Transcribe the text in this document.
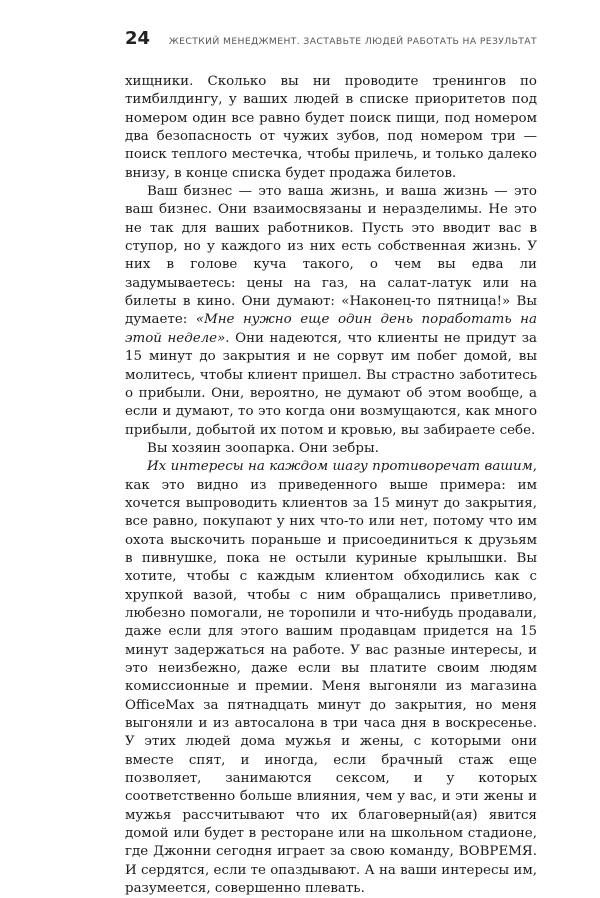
24 ЖЕСТКИЙ МЕНЕДЖМЕНТ. ЗАСТАВЬТЕ ЛЮДЕЙ РАБОТАТЬ НА РЕЗУЛЬТАТ

хищники. Сколько вы ни проводите тренингов по тимбилдингу, у ваших людей в списке приоритетов под номером один все равно будет поиск пищи, под номером два безопасность от чужих зубов, под номером три — поиск теплого местечка, чтобы прилечь, и только далеко внизу, в конце списка будет продажа билетов.

Ваш бизнес — это ваша жизнь, и ваша жизнь — это ваш бизнес. Они взаимосвязаны и неразделимы. Не это не так для ваших работников. Пусть это вводит вас в ступор, но у каждого из них есть собственная жизнь. У них в голове куча такого, о чем вы едва ли задумываетесь: цены на газ, на салат-латук или на билеты в кино. Они думают: «Наконец-то пятница!» Вы думаете: «Мне нужно еще один день поработать на этой неделе». Они надеются, что клиенты не придут за 15 минут до закрытия и не сорвут им побег домой, вы молитесь, чтобы клиент пришел. Вы страстно заботитесь о прибыли. Они, вероятно, не думают об этом вообще, а если и думают, то это когда они возмущаются, как много прибыли, добытой их потом и кровью, вы забираете себе.

Вы хозяин зоопарка. Они зебры.

Их интересы на каждом шагу противоречат вашим, как это видно из приведенного выше примера: им хочется выпроводить клиентов за 15 минут до закрытия, все равно, покупают у них что-то или нет, потому что им охота выскочить пораньше и присоединиться к друзьям в пивнушке, пока не остыли куриные крылышки. Вы хотите, чтобы с каждым клиентом обходились как с хрупкой вазой, чтобы с ним обращались приветливо, любезно помогали, не торопили и что-нибудь продавали, даже если для этого вашим продавцам придется на 15 минут задержаться на работе. У вас разные интересы, и это неизбежно, даже если вы платите своим людям комиссионные и премии. Меня выгоняли из магазина OfficeMax за пятнадцать минут до закрытия, но меня выгоняли и из автосалона в три часа дня в воскресенье. У этих людей дома мужья и жены, с которыми они вместе спят, и иногда, если брачный стаж еще позволяет, занимаются сексом, и у которых соответственно больше влияния, чем у вас, и эти жены и мужья рассчитывают что их благоверный(ая) явится домой или будет в ресторане или на школьном стадионе, где Джонни сегодня играет за свою команду, ВОВРЕМЯ. И сердятся, если те опаздывают. А на ваши интересы им, разумеется, совершенно плевать.
